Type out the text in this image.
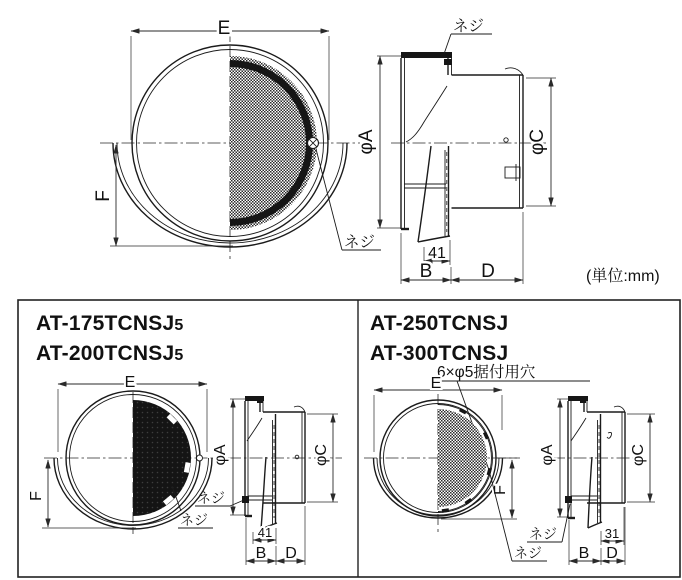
E
F
ネジ
φA	φC
ネジ
41
B	D	(単位:mm)
AT-175TCNSJ5
AT-200TCNSJ5
E
F	ネジ
ネジ
φA	φC
41
B D
AT-250TCNSJ
AT-300TCNSJ
6×φ5据付用穴
E
F
ネジ
φA	φC
ネジ	31
B D
